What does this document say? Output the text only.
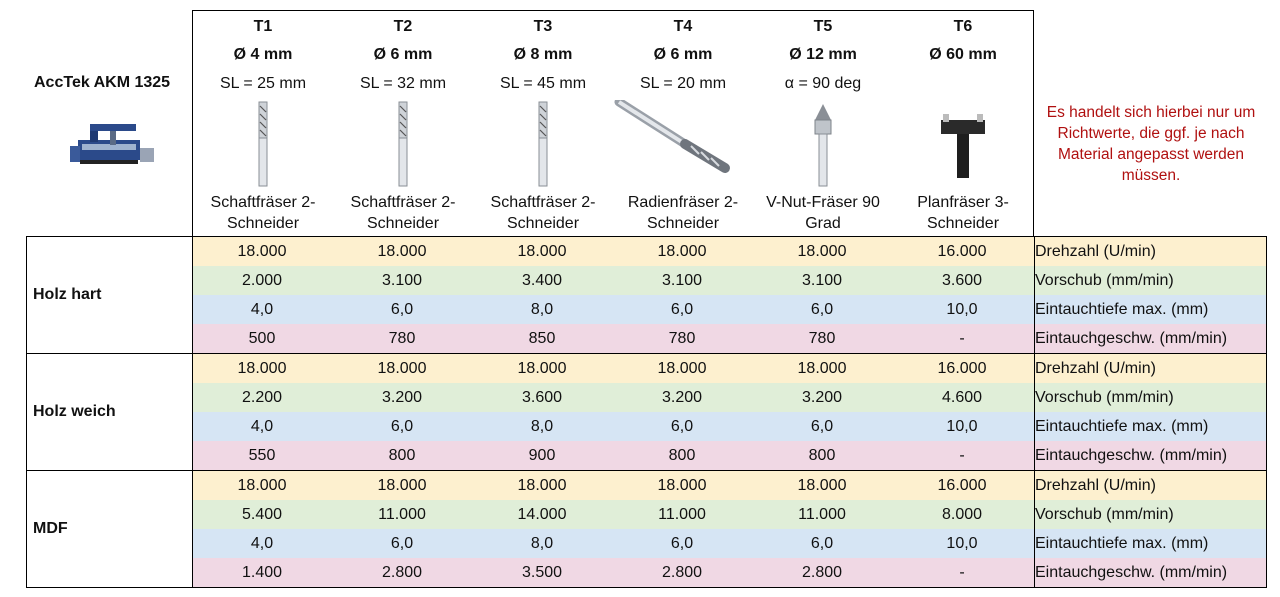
AccTek AKM 1325
T1
Ø 4 mm
SL = 25 mm
Schaftfräser 2-Schneider
T2
Ø 6 mm
SL = 32 mm
Schaftfräser 2-Schneider
T3
Ø 8 mm
SL = 45 mm
Schaftfräser 2-Schneider
T4
Ø 6 mm
SL = 20 mm
Radienfräser 2-Schneider
T5
Ø 12 mm
α = 90 deg
V-Nut-Fräser 90 Grad
T6
Ø 60 mm
Planfräser 3-Schneider
Es handelt sich hierbei nur um Richtwerte, die ggf. je nach Material angepasst werden müssen.
Holz hart
18.000	18.000	18.000	18.000	18.000	16.000	Drehzahl (U/min)
2.000	3.100	3.400	3.100	3.100	3.600	Vorschub (mm/min)
4,0	6,0	8,0	6,0	6,0	10,0	Eintauchtiefe max. (mm)
500	780	850	780	780	-	Eintauchgeschw. (mm/min)
Holz weich
18.000	18.000	18.000	18.000	18.000	16.000	Drehzahl (U/min)
2.200	3.200	3.600	3.200	3.200	4.600	Vorschub (mm/min)
4,0	6,0	8,0	6,0	6,0	10,0	Eintauchtiefe max. (mm)
550	800	900	800	800	-	Eintauchgeschw. (mm/min)
MDF
18.000	18.000	18.000	18.000	18.000	16.000	Drehzahl (U/min)
5.400	11.000	14.000	11.000	11.000	8.000	Vorschub (mm/min)
4,0	6,0	8,0	6,0	6,0	10,0	Eintauchtiefe max. (mm)
1.400	2.800	3.500	2.800	2.800	-	Eintauchgeschw. (mm/min)
